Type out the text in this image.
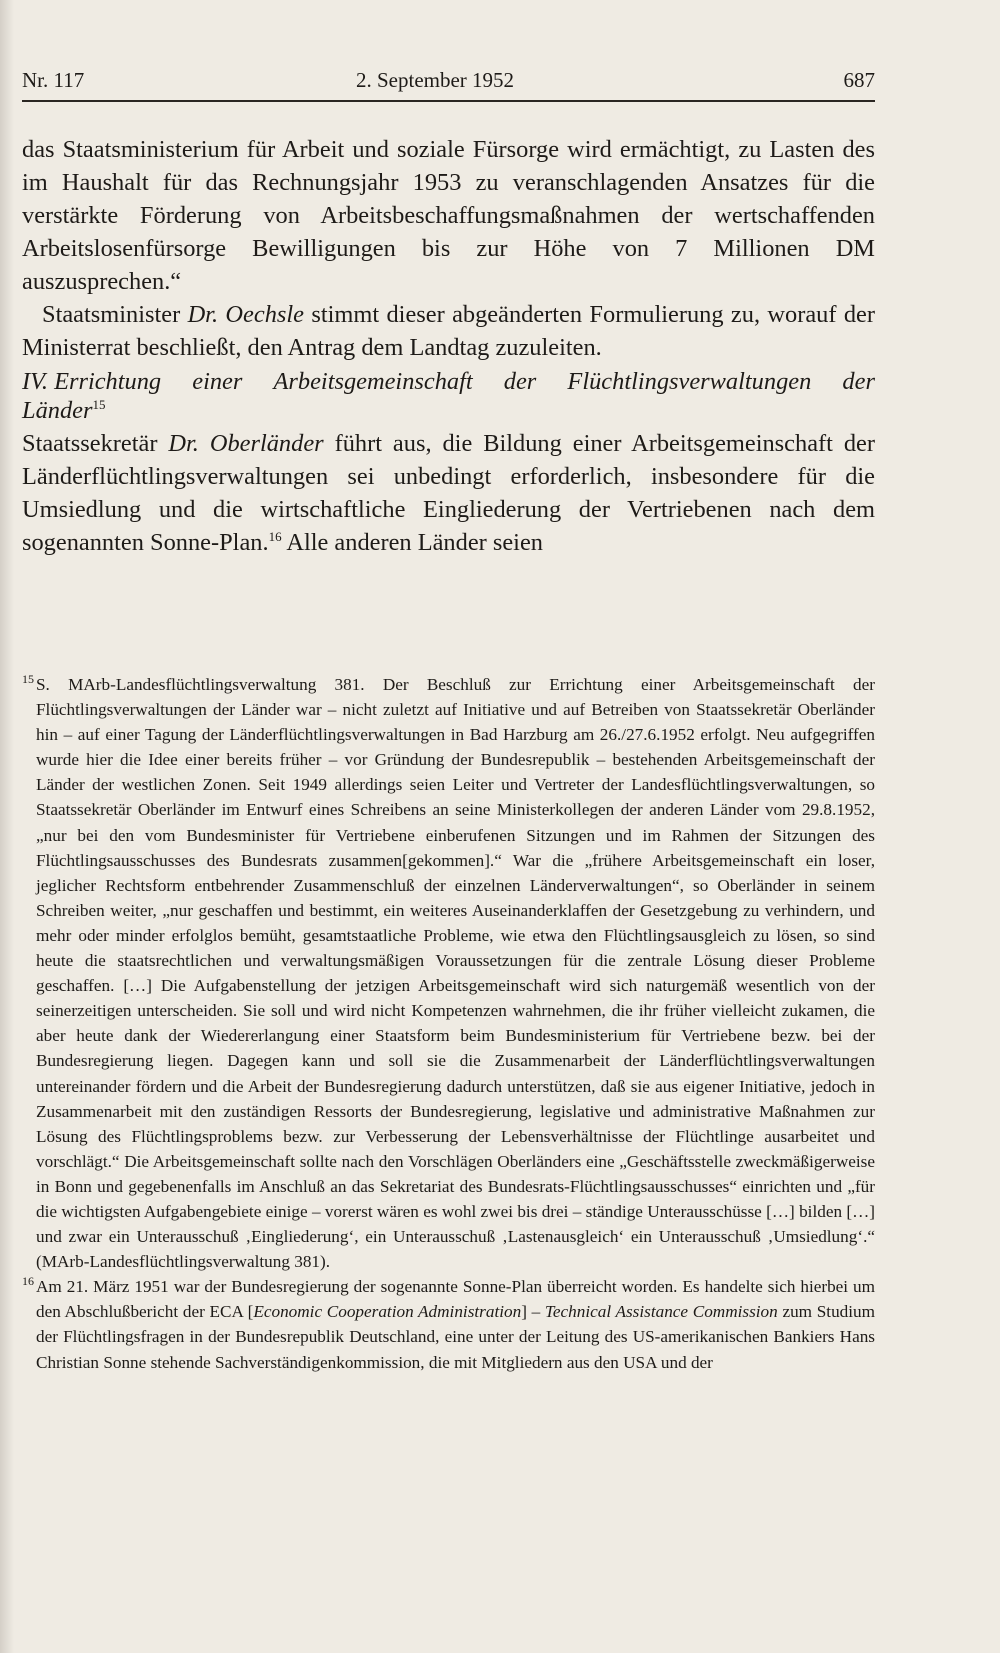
Nr. 117	2. September 1952	687

das Staatsministerium für Arbeit und soziale Fürsorge wird ermächtigt, zu Lasten des im Haushalt für das Rechnungsjahr 1953 zu veranschlagenden Ansatzes für die verstärkte Förderung von Arbeitsbeschaffungsmaßnahmen der wertschaffenden Arbeitslosenfürsorge Bewilligungen bis zur Höhe von 7 Millionen DM auszusprechen.“

Staatsminister Dr. Oechsle stimmt dieser abgeänderten Formulierung zu, worauf der Ministerrat beschließt, den Antrag dem Landtag zuzuleiten.

IV. Errichtung einer Arbeitsgemeinschaft der Flüchtlingsverwaltungen der
Länder$^{15}$

Staatssekretär Dr. Oberländer führt aus, die Bildung einer Arbeitsgemeinschaft der Länderflüchtlingsverwaltungen sei unbedingt erforderlich, insbesondere für die Umsiedlung und die wirtschaftliche Eingliederung der Vertriebenen nach dem sogenannten Sonne-Plan.$^{16}$ Alle anderen Länder seien

15 S. MArb-Landesflüchtlingsverwaltung 381. Der Beschluß zur Errichtung einer Arbeitsgemeinschaft der Flüchtlingsverwaltungen der Länder war – nicht zuletzt auf Initiative und auf Betreiben von Staatssekretär Oberländer hin – auf einer Tagung der Länderflüchtlingsverwaltungen in Bad Harzburg am 26./27.6.1952 erfolgt. Neu aufgegriffen wurde hier die Idee einer bereits früher – vor Gründung der Bundesrepublik – bestehenden Arbeitsgemeinschaft der Länder der westlichen Zonen. Seit 1949 allerdings seien Leiter und Vertreter der Landesflüchtlingsverwaltungen, so Staatssekretär Oberländer im Entwurf eines Schreibens an seine Ministerkollegen der anderen Länder vom 29.8.1952, „nur bei den vom Bundesminister für Vertriebene einberufenen Sitzungen und im Rahmen der Sitzungen des Flüchtlingsausschusses des Bundesrats zusammen[gekommen].“ War die „frühere Arbeitsgemeinschaft ein loser, jeglicher Rechtsform entbehrender Zusammenschluß der einzelnen Länderverwaltungen“, so Oberländer in seinem Schreiben weiter, „nur geschaffen und bestimmt, ein weiteres Auseinanderklaffen der Gesetzgebung zu verhindern, und mehr oder minder erfolglos bemüht, gesamtstaatliche Probleme, wie etwa den Flüchtlingsausgleich zu lösen, so sind heute die staatsrechtlichen und verwaltungsmäßigen Voraussetzungen für die zentrale Lösung dieser Probleme geschaffen. […] Die Aufgabenstellung der jetzigen Arbeitsgemeinschaft wird sich naturgemäß wesentlich von der seinerzeitigen unterscheiden. Sie soll und wird nicht Kompetenzen wahrnehmen, die ihr früher vielleicht zukamen, die aber heute dank der Wiedererlangung einer Staatsform beim Bundesministerium für Vertriebene bezw. bei der Bundesregierung liegen. Dagegen kann und soll sie die Zusammenarbeit der Länderflüchtlingsverwaltungen untereinander fördern und die Arbeit der Bundesregierung dadurch unterstützen, daß sie aus eigener Initiative, jedoch in Zusammenarbeit mit den zuständigen Ressorts der Bundesregierung, legislative und administrative Maßnahmen zur Lösung des Flüchtlingsproblems bezw. zur Verbesserung der Lebensverhältnisse der Flüchtlinge ausarbeitet und vorschlägt.“ Die Arbeitsgemeinschaft sollte nach den Vorschlägen Oberländers eine „Geschäftsstelle zweckmäßigerweise in Bonn und gegebenenfalls im Anschluß an das Sekretariat des Bundesrats-Flüchtlingsausschusses“ einrichten und „für die wichtigsten Aufgabengebiete einige – vorerst wären es wohl zwei bis drei – ständige Unterausschüsse […] bilden […] und zwar ein Unterausschuß ‚Eingliederung‘, ein Unterausschuß ‚Lastenausgleich‘ ein Unterausschuß ‚Umsiedlung‘.“ (MArb-Landesflüchtlingsverwaltung 381).

16 Am 21. März 1951 war der Bundesregierung der sogenannte Sonne-Plan überreicht worden. Es handelte sich hierbei um den Abschlußbericht der ECA [Economic Cooperation Administration] – Technical Assistance Commission zum Studium der Flüchtlingsfragen in der Bundesrepublik Deutschland, eine unter der Leitung des US-amerikanischen Bankiers Hans Christian Sonne stehende Sachverständigenkommission, die mit Mitgliedern aus den USA und der
